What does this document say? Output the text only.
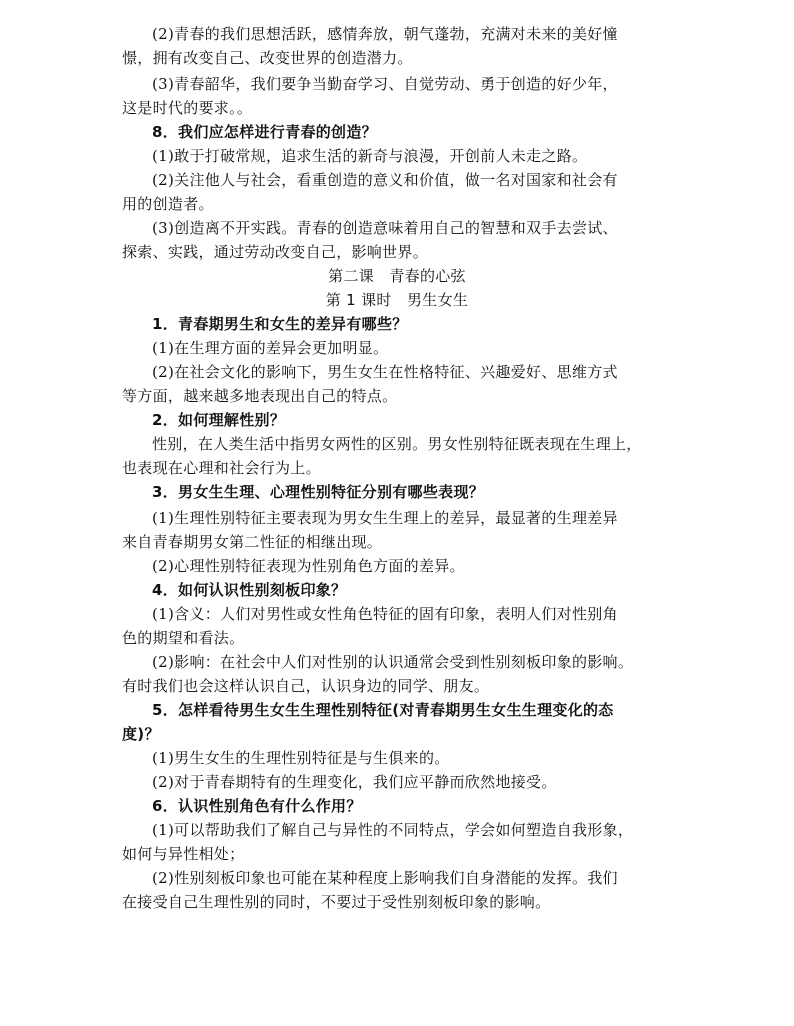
(2)青春的我们思想活跃，感情奔放，朝气蓬勃，充满对未来的美好憧
憬，拥有改变自己、改变世界的创造潜力。
(3)青春韶华，我们要争当勤奋学习、自觉劳动、勇于创造的好少年，
这是时代的要求。。
8．我们应怎样进行青春的创造？
(1)敢于打破常规，追求生活的新奇与浪漫，开创前人未走之路。
(2)关注他人与社会，看重创造的意义和价值，做一名对国家和社会有
用的创造者。
(3)创造离不开实践。青春的创造意味着用自己的智慧和双手去尝试、
探索、实践，通过劳动改变自己，影响世界。
第二课　青春的心弦
第 1 课时　男生女生
1．青春期男生和女生的差异有哪些？
(1)在生理方面的差异会更加明显。
(2)在社会文化的影响下，男生女生在性格特征、兴趣爱好、思维方式
等方面，越来越多地表现出自己的特点。
2．如何理解性别？
性别，在人类生活中指男女两性的区别。男女性别特征既表现在生理上，
也表现在心理和社会行为上。
3．男女生生理、心理性别特征分别有哪些表现？
(1)生理性别特征主要表现为男女生生理上的差异，最显著的生理差异
来自青春期男女第二性征的相继出现。
(2)心理性别特征表现为性别角色方面的差异。
4．如何认识性别刻板印象？
(1)含义：人们对男性或女性角色特征的固有印象，表明人们对性别角
色的期望和看法。
(2)影响：在社会中人们对性别的认识通常会受到性别刻板印象的影响。
有时我们也会这样认识自己，认识身边的同学、朋友。
5．怎样看待男生女生生理性别特征(对青春期男生女生生理变化的态
度)？
(1)男生女生的生理性别特征是与生俱来的。
(2)对于青春期特有的生理变化，我们应平静而欣然地接受。
6．认识性别角色有什么作用？
(1)可以帮助我们了解自己与异性的不同特点，学会如何塑造自我形象，
如何与异性相处；
(2)性别刻板印象也可能在某种程度上影响我们自身潜能的发挥。我们
在接受自己生理性别的同时，不要过于受性别刻板印象的影响。
